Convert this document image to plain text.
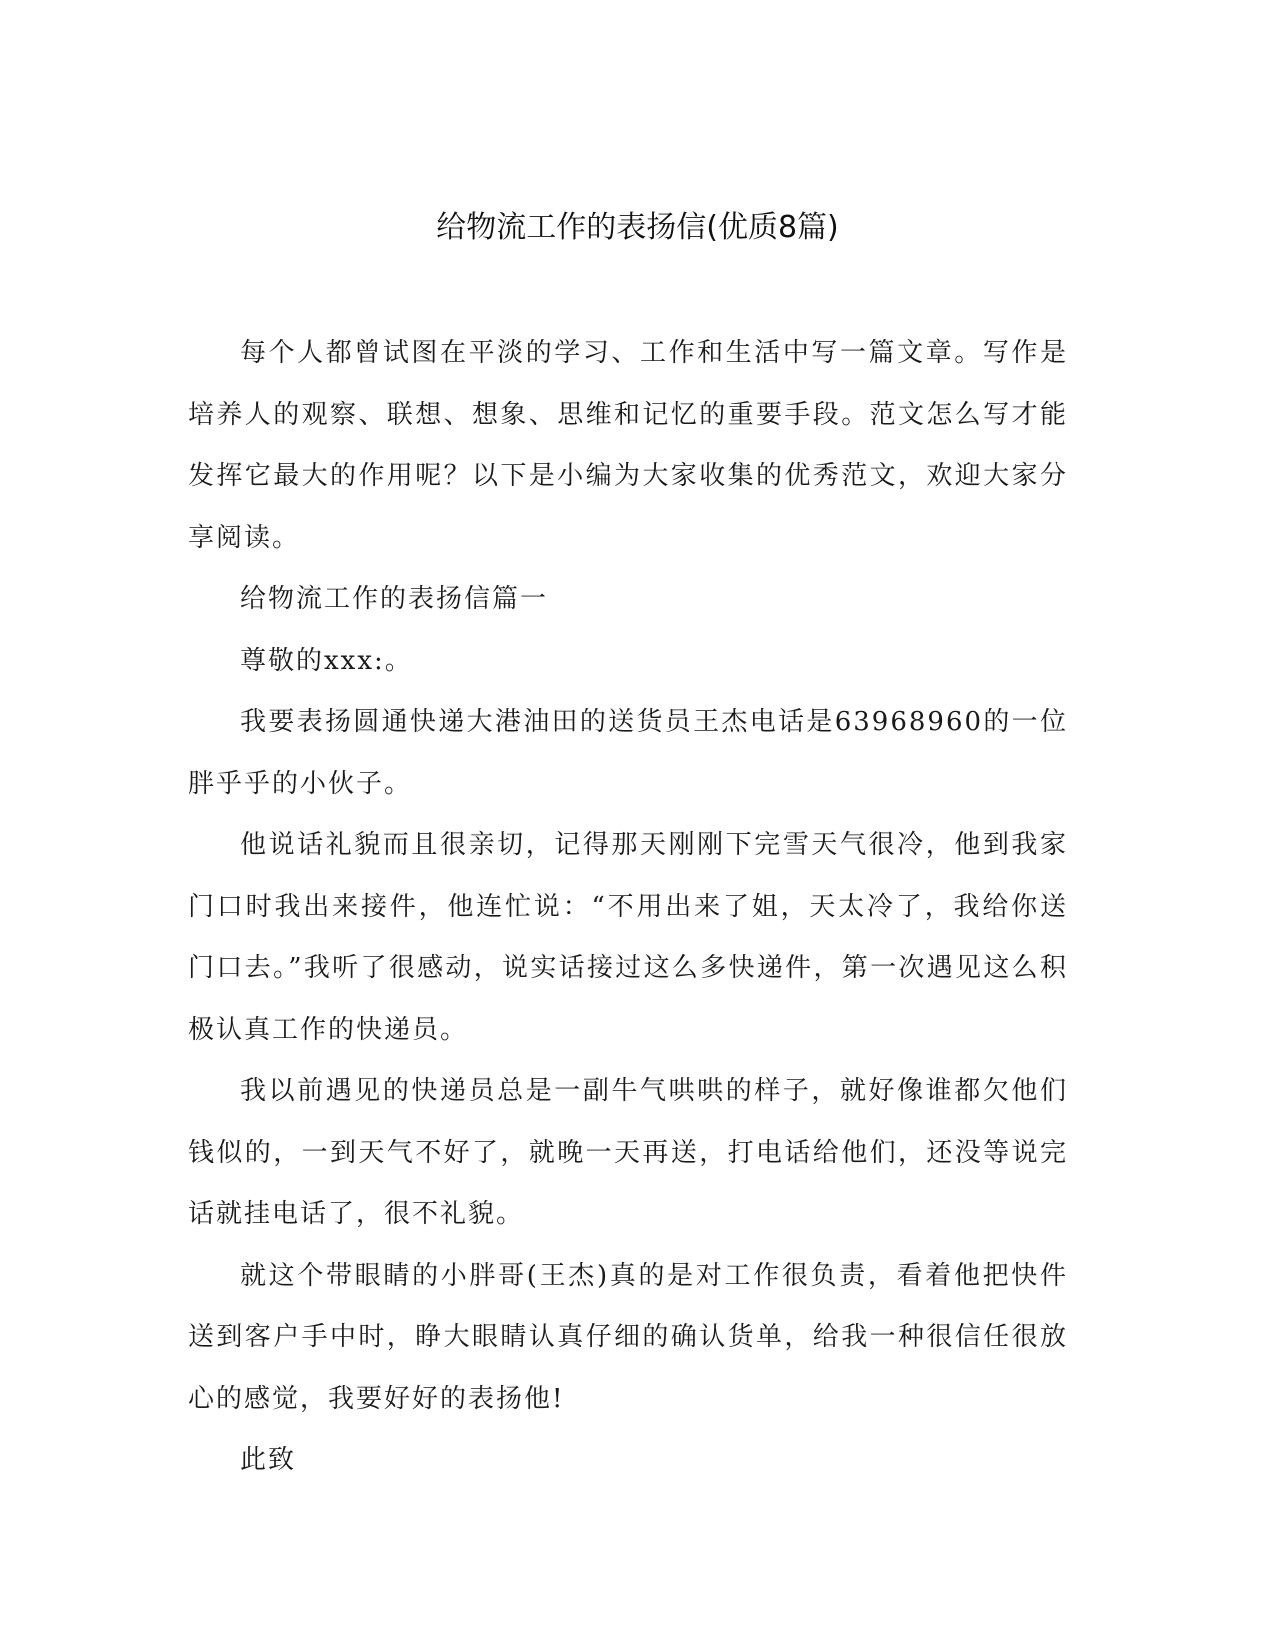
给物流工作的表扬信(优质8篇)

每个人都曾试图在平淡的学习、工作和生活中写一篇文章。写作是培养人的观察、联想、想象、思维和记忆的重要手段。范文怎么写才能发挥它最大的作用呢？以下是小编为大家收集的优秀范文，欢迎大家分享阅读。

给物流工作的表扬信篇一

尊敬的xxx:。

我要表扬圆通快递大港油田的送货员王杰电话是63968960的一位胖乎乎的小伙子。

他说话礼貌而且很亲切，记得那天刚刚下完雪天气很冷，他到我家门口时我出来接件，他连忙说：“不用出来了姐，天太冷了，我给你送门口去。”我听了很感动，说实话接过这么多快递件，第一次遇见这么积极认真工作的快递员。

我以前遇见的快递员总是一副牛气哄哄的样子，就好像谁都欠他们钱似的，一到天气不好了，就晚一天再送，打电话给他们，还没等说完话就挂电话了，很不礼貌。

就这个带眼睛的小胖哥(王杰)真的是对工作很负责，看着他把快件送到客户手中时，睁大眼睛认真仔细的确认货单，给我一种很信任很放心的感觉，我要好好的表扬他!

此致
